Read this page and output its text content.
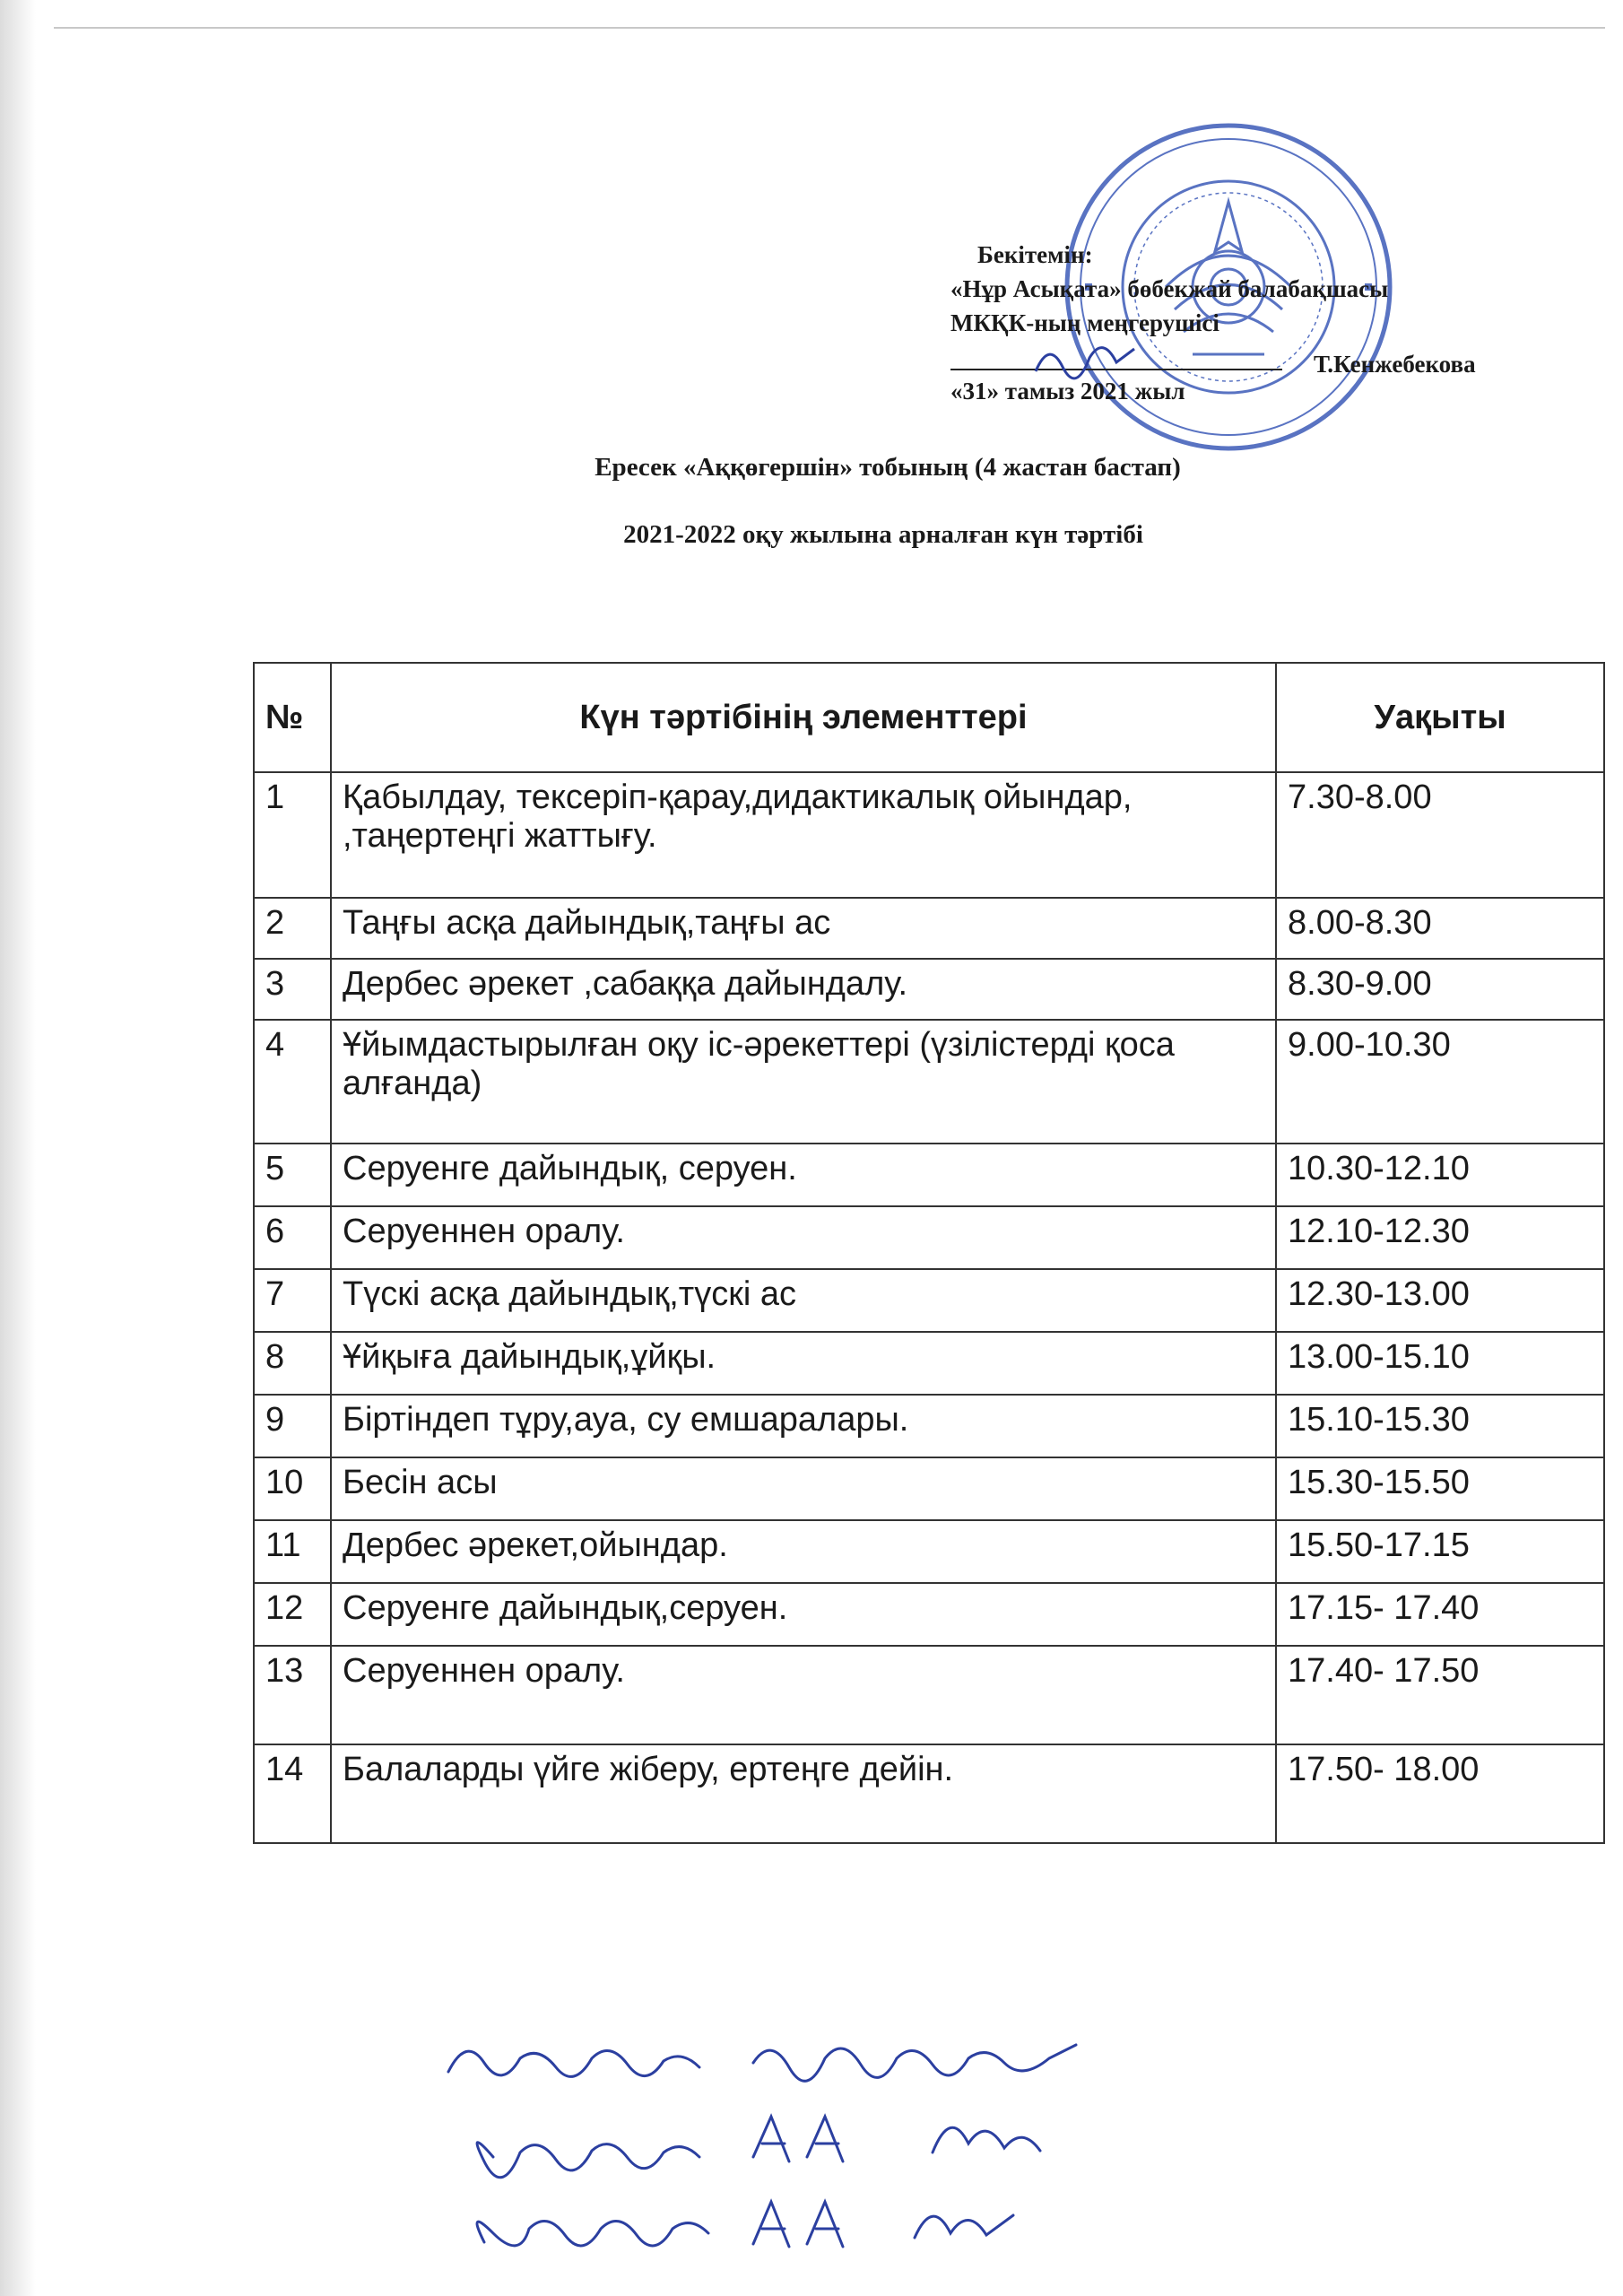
Бекітемін:
«Нұр Асықата» бөбекжай балабақшасы
МКҚК-ның меңгерушісі
Т.Кенжебекова
«31» тамыз 2021 жыл
Ересек «Аққөгершін» тобының (4 жастан бастап)
2021-2022 оқу жылына арналған күн тәртібі
№	Күн тәртібінің элементтері	Уақыты
1	Қабылдау, тексеріп-қарау,дидактикалық ойындар, ,таңертеңгі жаттығу.	7.30-8.00
2	Таңғы асқа дайындық,таңғы ас	8.00-8.30
3	Дербес әрекет ,сабаққа дайындалу.	8.30-9.00
4	Ұйымдастырылған оқу іс-әрекеттері (үзілістерді қоса алғанда)	9.00-10.30
5	Серуенге дайындық, серуен.	10.30-12.10
6	Серуеннен оралу.	12.10-12.30
7	Түскі асқа дайындық,түскі ас	12.30-13.00
8	Ұйқыға дайындық,ұйқы.	13.00-15.10
9	Біртіндеп тұру,ауа, су емшаралары.	15.10-15.30
10	Бесін асы	15.30-15.50
11	Дербес әрекет,ойындар.	15.50-17.15
12	Серуенге дайындық,серуен.	17.15- 17.40
13	Серуеннен оралу.	17.40- 17.50
14	Балаларды үйге жіберу, ертеңге дейін.	17.50- 18.00
